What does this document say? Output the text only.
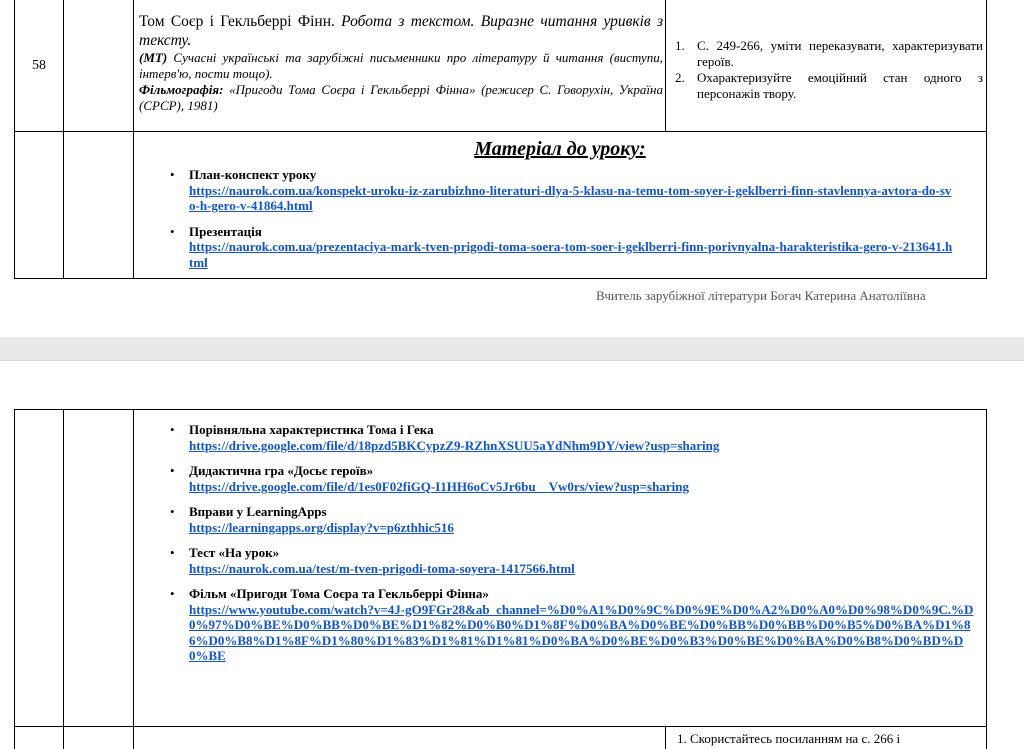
58
Том Соєр і Гекльберрі Фінн. Робота з текстом. Виразне читання уривків з тексту.
(МТ) Сучасні українські та зарубіжні письменники про літературу й читання (виступи, інтерв'ю, пости тощо).
Фільмографія: «Пригоди Тома Соєра і Гекльберрі Фінна» (режисер С. Говорухін, Україна (СРСР), 1981)
1. С. 249-266, уміти переказувати, характеризувати героїв.
2. Охарактеризуйте емоційний стан одного з персонажів твору.
Матеріал до уроку:
• План-конспект уроку
https://naurok.com.ua/konspekt-uroku-iz-zarubizhno-literaturi-dlya-5-klasu-na-temu-tom-soyer-i-geklberri-finn-stavlennya-avtora-do-svo-h-gero-v-41864.html
• Презентація
https://naurok.com.ua/prezentaciya-mark-tven-prigodi-toma-soera-tom-soer-i-geklberri-finn-porivnyalna-harakteristika-gero-v-213641.html
Вчитель зарубіжної літератури Богач Катерина Анатоліївна
• Порівняльна характеристика Тома і Гека
https://drive.google.com/file/d/18pzd5BKCypzZ9-RZhnXSUU5aYdNhm9DY/view?usp=sharing
• Дидактична гра «Досьє героїв»
https://drive.google.com/file/d/1es0F02fiGQ-I1HH6oCv5Jr6bu__Vw0rs/view?usp=sharing
• Вправи у LearningApps
https://learningapps.org/display?v=p6zthhic516
• Тест «На урок»
https://naurok.com.ua/test/m-tven-prigodi-toma-soyera-1417566.html
• Фільм «Пригоди Тома Соєра та Гекльберрі Фінна»
https://www.youtube.com/watch?v=4J-gO9FGr28&ab_channel=%D0%A1%D0%9C%D0%9E%D0%A2%D0%A0%D0%98%D0%9C.%D0%97%D0%BE%D0%BB%D0%BE%D1%82%D0%B0%D1%8F%D0%BA%D0%BE%D0%BB%D0%BB%D0%B5%D0%BA%D1%86%D0%B8%D1%8F%D1%80%D1%83%D1%81%D1%81%D0%BA%D0%BE%D0%B3%D0%BE%D0%BA%D0%B8%D0%BD%D0%BE
1. Скористайтесь посиланням на с. 266 і
